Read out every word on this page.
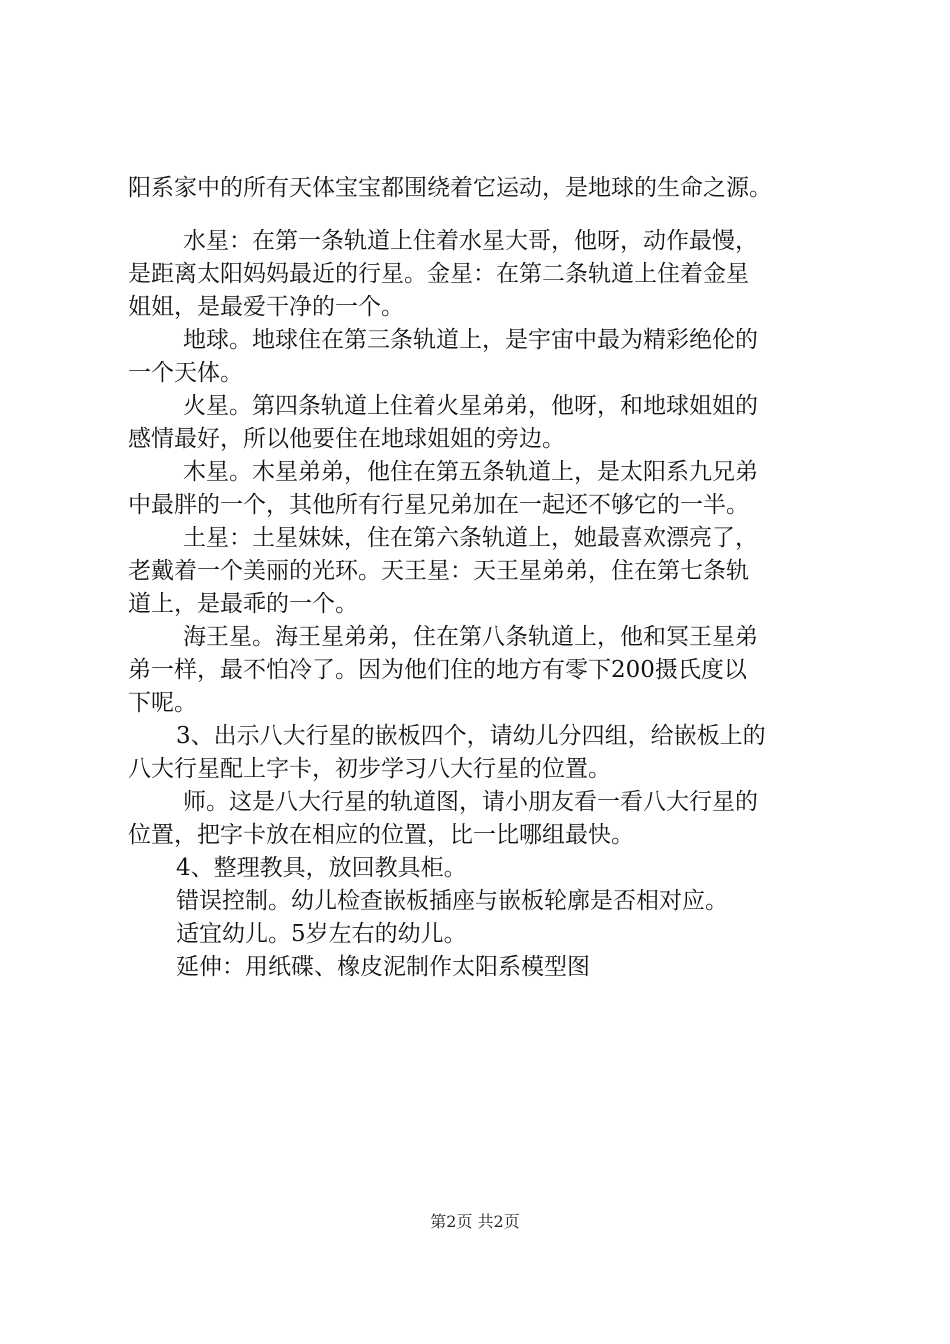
阳系家中的所有天体宝宝都围绕着它运动，是地球的生命之源。

水星：在第一条轨道上住着水星大哥，他呀，动作最慢，
是距离太阳妈妈最近的行星。金星：在第二条轨道上住着金星
姐姐，是最爱干净的一个。

地球。地球住在第三条轨道上，是宇宙中最为精彩绝伦的
一个天体。

火星。第四条轨道上住着火星弟弟，他呀，和地球姐姐的
感情最好，所以他要住在地球姐姐的旁边。

木星。木星弟弟，他住在第五条轨道上，是太阳系九兄弟
中最胖的一个，其他所有行星兄弟加在一起还不够它的一半。

土星：土星妹妹，住在第六条轨道上，她最喜欢漂亮了，
老戴着一个美丽的光环。天王星：天王星弟弟，住在第七条轨
道上，是最乖的一个。

海王星。海王星弟弟，住在第八条轨道上，他和冥王星弟
弟一样，最不怕冷了。因为他们住的地方有零下200摄氏度以
下呢。

3、出示八大行星的嵌板四个，请幼儿分四组，给嵌板上的
八大行星配上字卡，初步学习八大行星的位置。

师。这是八大行星的轨道图，请小朋友看一看八大行星的
位置，把字卡放在相应的位置，比一比哪组最快。

4、整理教具，放回教具柜。

错误控制。幼儿检查嵌板插座与嵌板轮廓是否相对应。

适宜幼儿。5岁左右的幼儿。

延伸：用纸碟、橡皮泥制作太阳系模型图

第2页 共2页
